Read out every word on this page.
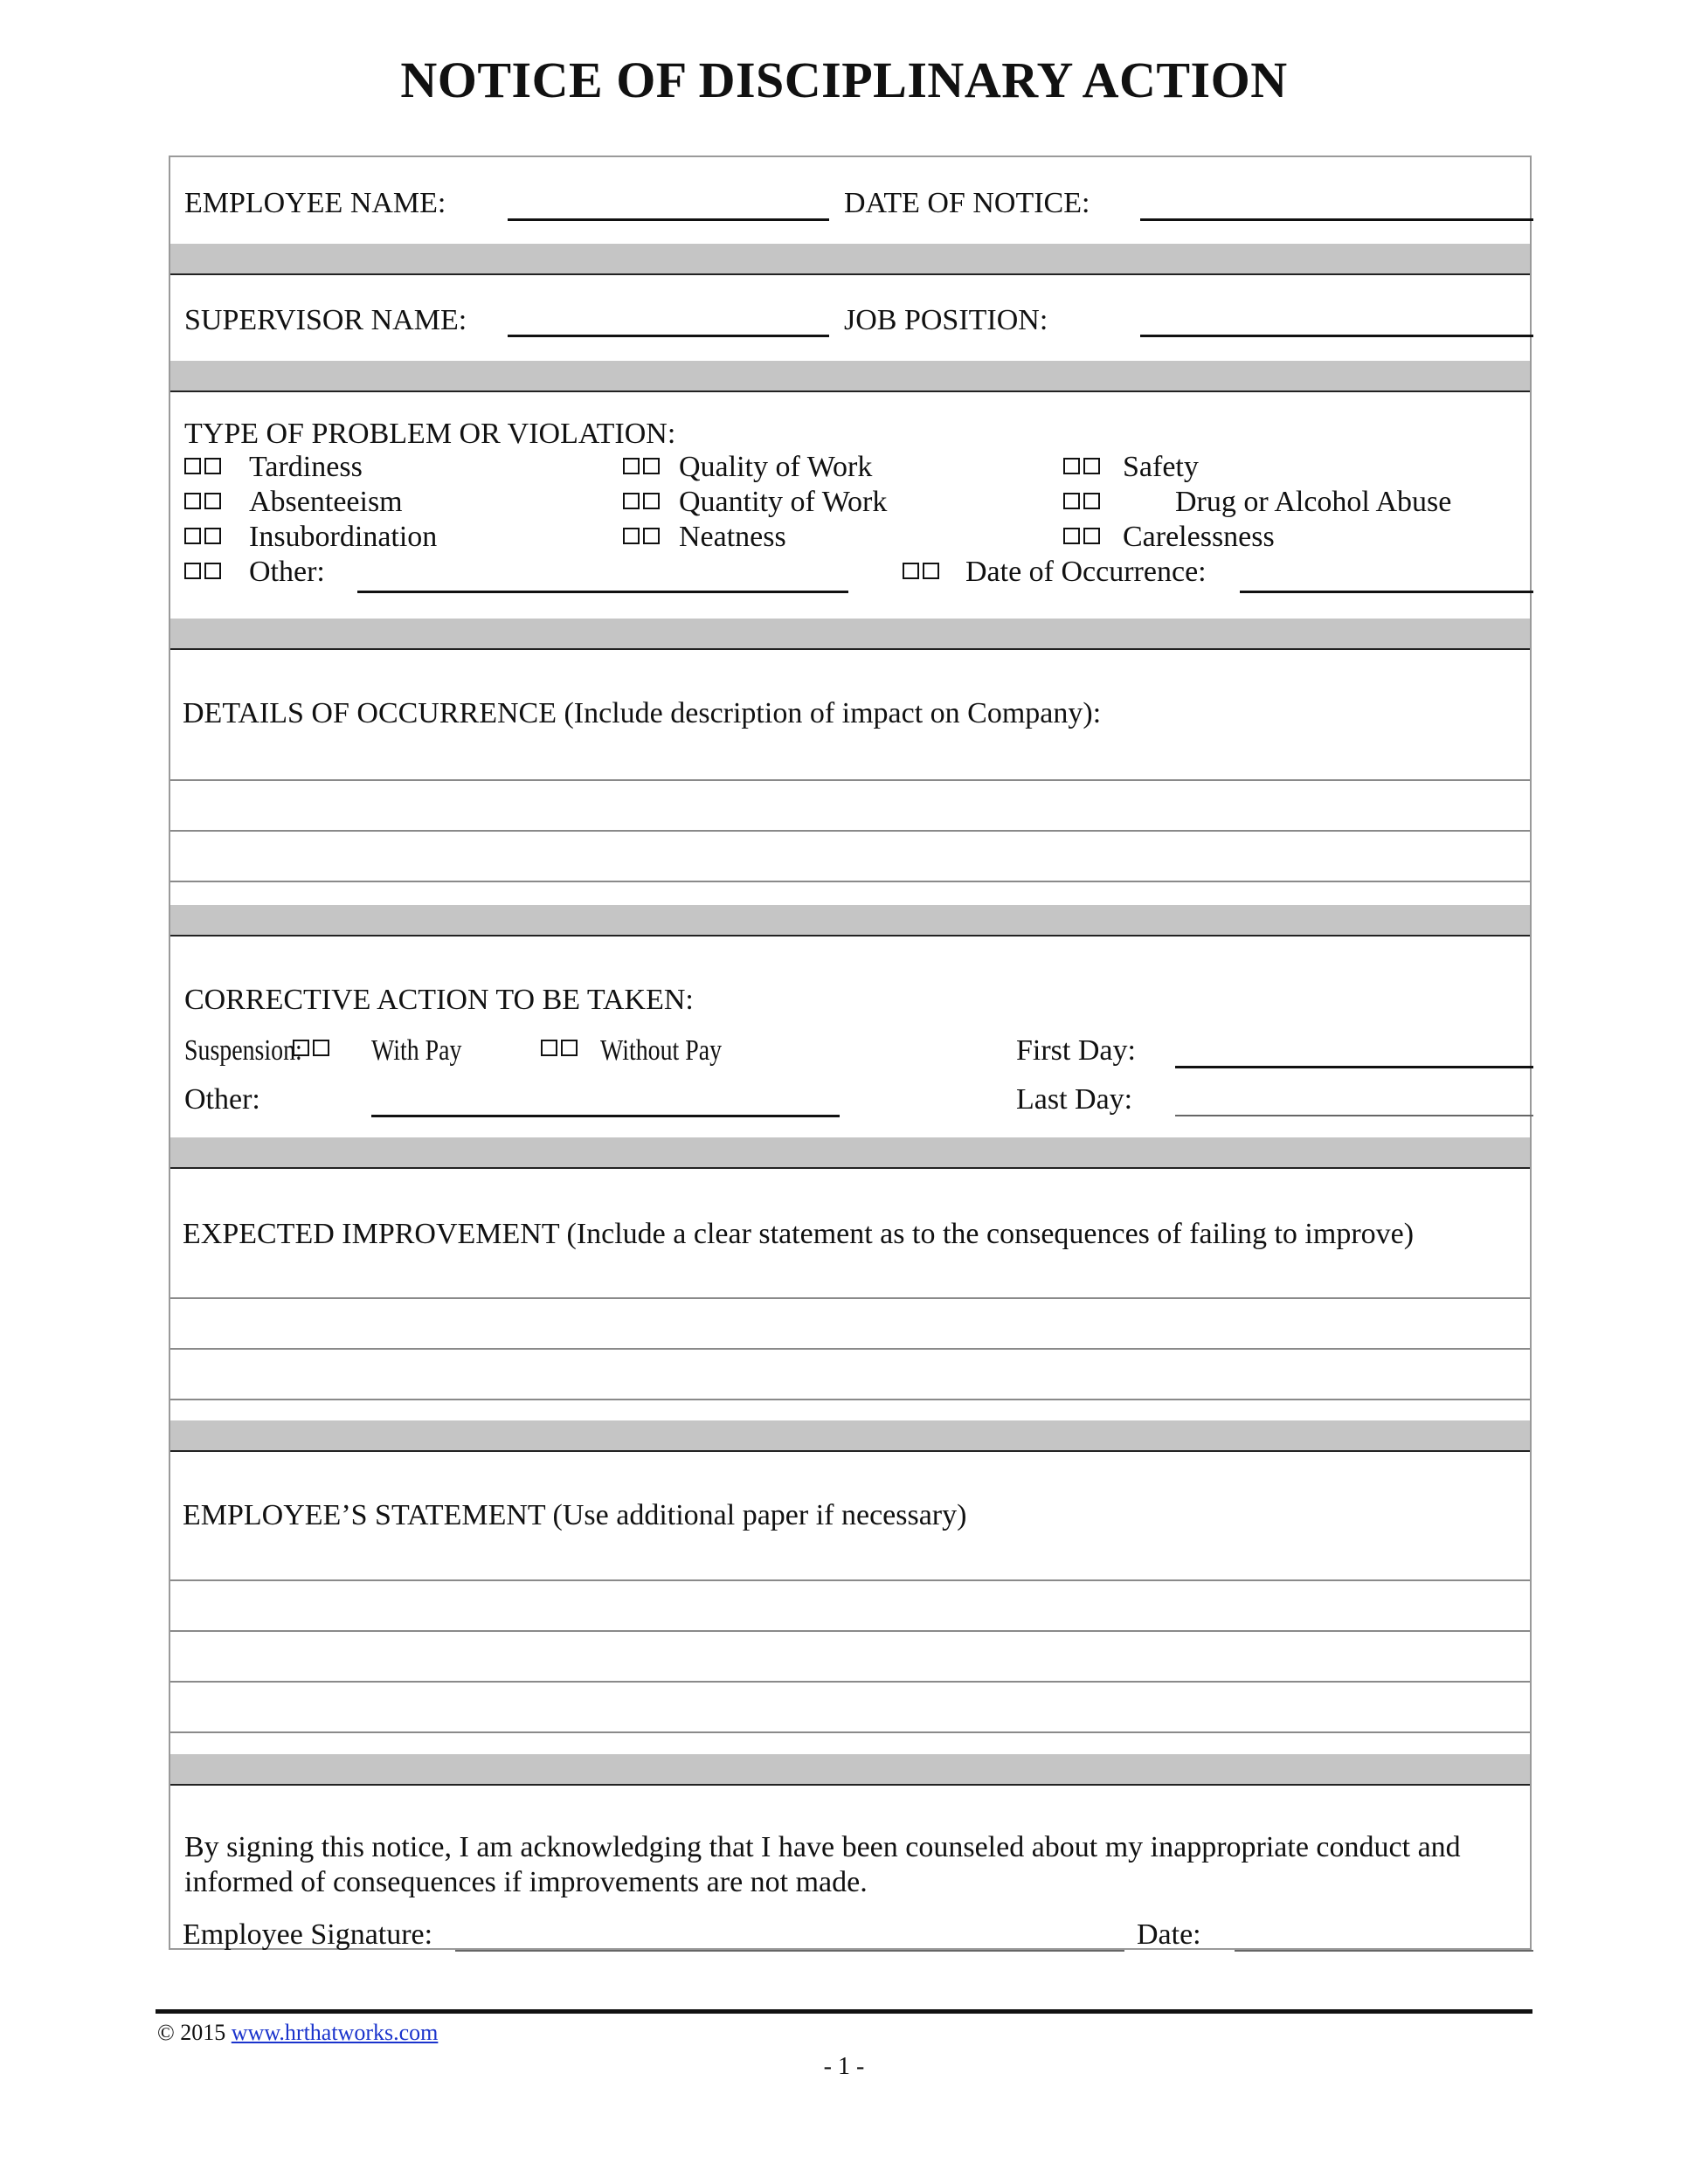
NOTICE OF DISCIPLINARY ACTION
EMPLOYEE NAME:	DATE OF NOTICE:
SUPERVISOR NAME:	JOB POSITION:
TYPE OF PROBLEM OR VIOLATION:
Tardiness
Absenteeism
Insubordination
Quality of Work
Quantity of Work
Neatness
Safety
Drug or Alcohol Abuse
Carelessness
Other:	Date of Occurrence:
DETAILS OF OCCURRENCE (Include description of impact on Company):
CORRECTIVE ACTION TO BE TAKEN:
Suspension: With Pay	Without Pay	First Day:
Other:	Last Day:
EXPECTED IMPROVEMENT (Include a clear statement as to the consequences of failing to improve)
EMPLOYEE’S STATEMENT (Use additional paper if necessary)
By signing this notice, I am acknowledging that I have been counseled about my inappropriate conduct and
informed of consequences if improvements are not made.
Employee Signature:	Date:
© 2015 www.hrthatworks.com
- 1 -
